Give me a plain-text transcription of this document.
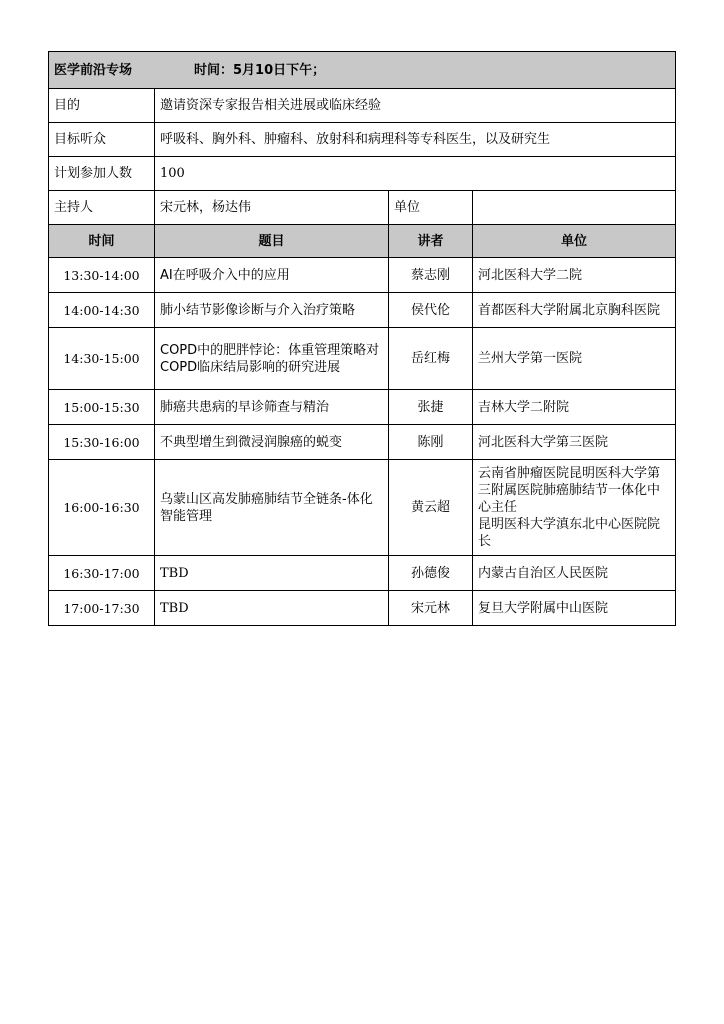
医学前沿专场 时间：5月10日下午；			
目的	邀请资深专家报告相关进展或临床经验		
目标听众	呼吸科、胸外科、肿瘤科、放射科和病理科等专科医生，以及研究生		
计划参加人数	100		
主持人	宋元林，杨达伟	单位	
时间	题目	讲者	单位
13:30-14:00	AI在呼吸介入中的应用	蔡志刚	河北医科大学二院
14:00-14:30	肺小结节影像诊断与介入治疗策略	侯代伦	首都医科大学附属北京胸科医院
14:30-15:00	COPD中的肥胖悖论：体重管理策略对COPD临床结局影响的研究进展	岳红梅	兰州大学第一医院
15:00-15:30	肺癌共患病的早诊筛查与精治	张捷	吉林大学二附院
15:30-16:00	不典型增生到微浸润腺癌的蜕变	陈刚	河北医科大学第三医院
16:00-16:30	乌蒙山区高发肺癌肺结节全链条-体化智能管理	黄云超	云南省肿瘤医院昆明医科大学第三附属医院肺癌肺结节一体化中心主任
昆明医科大学滇东北中心医院院长

16:30-17:00	TBD	孙德俊	内蒙古自治区人民医院
17:00-17:30	TBD	宋元林	复旦大学附属中山医院
